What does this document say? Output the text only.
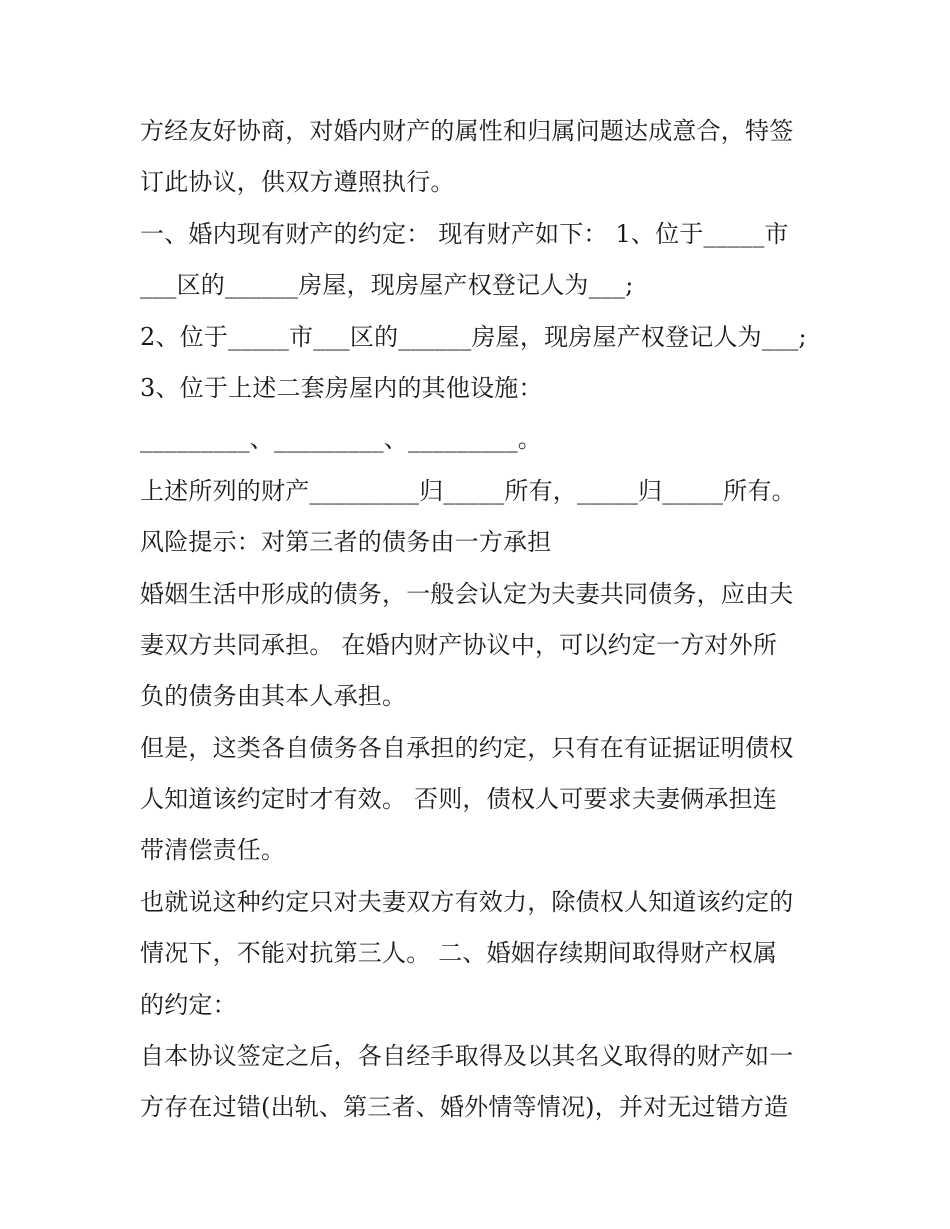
方经友好协商，对婚内财产的属性和归属问题达成意合，特签
订此协议，供双方遵照执行。
一、婚内现有财产的约定： 现有财产如下： 1、位于_____市
___区的______房屋，现房屋产权登记人为___;
2、位于_____市___区的______房屋，现房屋产权登记人为___;
3、位于上述二套房屋内的其他设施：
_________、_________、_________。
上述所列的财产_________归_____所有，_____归_____所有。
风险提示：对第三者的债务由一方承担
婚姻生活中形成的债务，一般会认定为夫妻共同债务，应由夫
妻双方共同承担。 在婚内财产协议中，可以约定一方对外所
负的债务由其本人承担。
但是，这类各自债务各自承担的约定，只有在有证据证明债权
人知道该约定时才有效。 否则，债权人可要求夫妻俩承担连
带清偿责任。
也就说这种约定只对夫妻双方有效力，除债权人知道该约定的
情况下，不能对抗第三人。 二、婚姻存续期间取得财产权属
的约定：
自本协议签定之后，各自经手取得及以其名义取得的财产如一
方存在过错(出轨、第三者、婚外情等情况)，并对无过错方造
